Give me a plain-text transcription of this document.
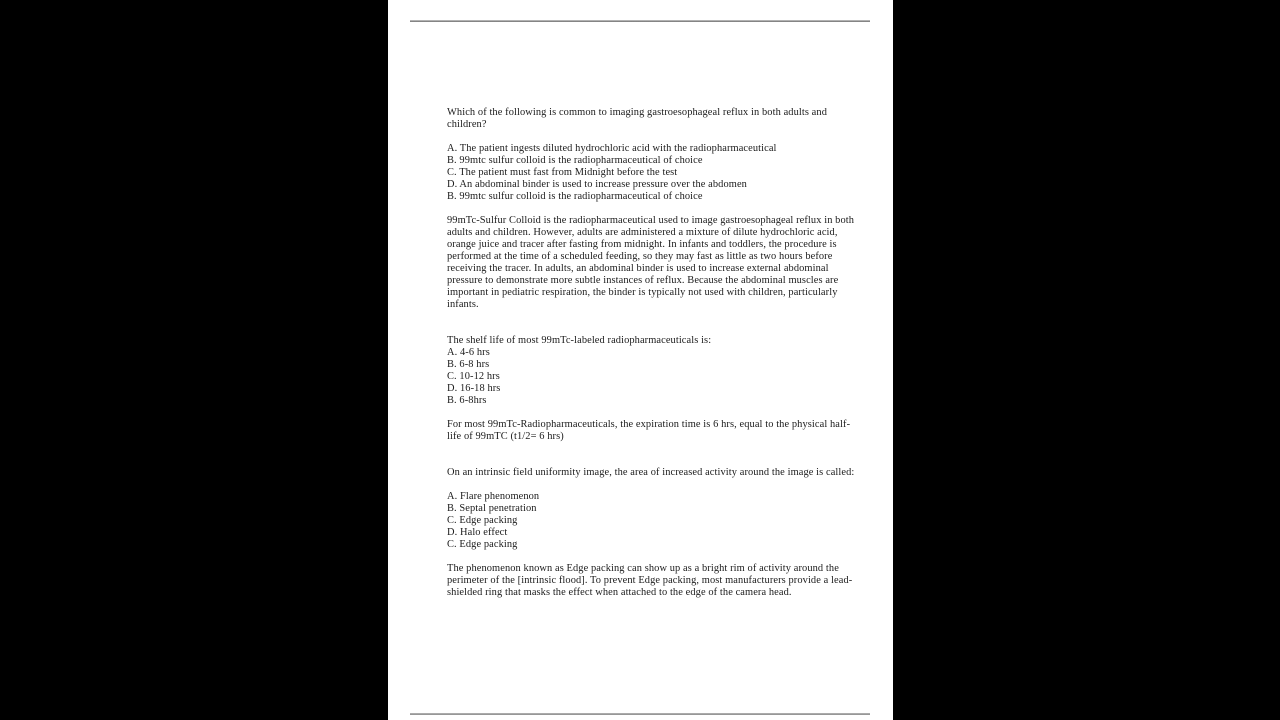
Which of the following is common to imaging gastroesophageal reflux in both adults and
children?

A. The patient ingests diluted hydrochloric acid with the radiopharmaceutical
B. 99mtc sulfur colloid is the radiopharmaceutical of choice
C. The patient must fast from Midnight before the test
D. An abdominal binder is used to increase pressure over the abdomen
B. 99mtc sulfur colloid is the radiopharmaceutical of choice

99mTc-Sulfur Colloid is the radiopharmaceutical used to image gastroesophageal reflux in both
adults and children. However, adults are administered a mixture of dilute hydrochloric acid,
orange juice and tracer after fasting from midnight. In infants and toddlers, the procedure is
performed at the time of a scheduled feeding, so they may fast as little as two hours before
receiving the tracer. In adults, an abdominal binder is used to increase external abdominal
pressure to demonstrate more subtle instances of reflux. Because the abdominal muscles are
important in pediatric respiration, the binder is typically not used with children, particularly
infants.

The shelf life of most 99mTc-labeled radiopharmaceuticals is:
A. 4-6 hrs
B. 6-8 hrs
C. 10-12 hrs
D. 16-18 hrs
B. 6-8hrs

For most 99mTc-Radiopharmaceuticals, the expiration time is 6 hrs, equal to the physical half-
life of 99mTC (t1/2= 6 hrs)

On an intrinsic field uniformity image, the area of increased activity around the image is called:

A. Flare phenomenon
B. Septal penetration
C. Edge packing
D. Halo effect
C. Edge packing

The phenomenon known as Edge packing can show up as a bright rim of activity around the
perimeter of the [intrinsic flood]. To prevent Edge packing, most manufacturers provide a lead-
shielded ring that masks the effect when attached to the edge of the camera head.
